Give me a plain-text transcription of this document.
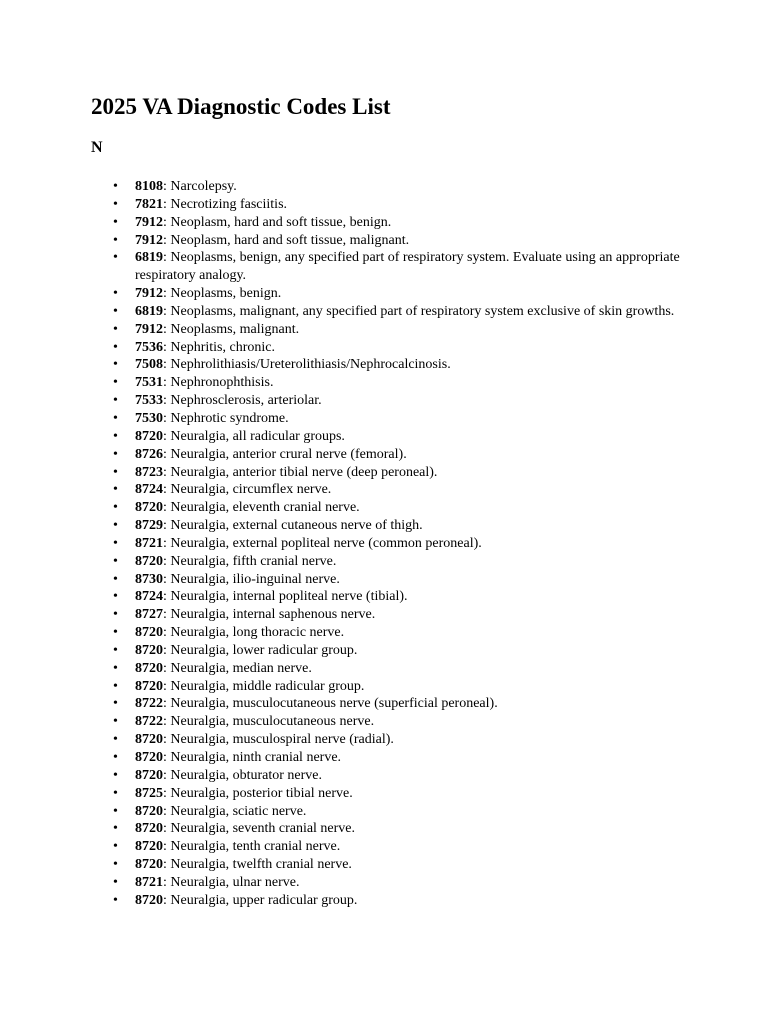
2025 VA Diagnostic Codes List
N
• 8108: Narcolepsy.
• 7821: Necrotizing fasciitis.
• 7912: Neoplasm, hard and soft tissue, benign.
• 7912: Neoplasm, hard and soft tissue, malignant.
• 6819: Neoplasms, benign, any specified part of respiratory system. Evaluate using an appropriate respiratory analogy.
• 7912: Neoplasms, benign.
• 6819: Neoplasms, malignant, any specified part of respiratory system exclusive of skin growths.
• 7912: Neoplasms, malignant.
• 7536: Nephritis, chronic.
• 7508: Nephrolithiasis/Ureterolithiasis/Nephrocalcinosis.
• 7531: Nephronophthisis.
• 7533: Nephrosclerosis, arteriolar.
• 7530: Nephrotic syndrome.
• 8720: Neuralgia, all radicular groups.
• 8726: Neuralgia, anterior crural nerve (femoral).
• 8723: Neuralgia, anterior tibial nerve (deep peroneal).
• 8724: Neuralgia, circumflex nerve.
• 8720: Neuralgia, eleventh cranial nerve.
• 8729: Neuralgia, external cutaneous nerve of thigh.
• 8721: Neuralgia, external popliteal nerve (common peroneal).
• 8720: Neuralgia, fifth cranial nerve.
• 8730: Neuralgia, ilio-inguinal nerve.
• 8724: Neuralgia, internal popliteal nerve (tibial).
• 8727: Neuralgia, internal saphenous nerve.
• 8720: Neuralgia, long thoracic nerve.
• 8720: Neuralgia, lower radicular group.
• 8720: Neuralgia, median nerve.
• 8720: Neuralgia, middle radicular group.
• 8722: Neuralgia, musculocutaneous nerve (superficial peroneal).
• 8722: Neuralgia, musculocutaneous nerve.
• 8720: Neuralgia, musculospiral nerve (radial).
• 8720: Neuralgia, ninth cranial nerve.
• 8720: Neuralgia, obturator nerve.
• 8725: Neuralgia, posterior tibial nerve.
• 8720: Neuralgia, sciatic nerve.
• 8720: Neuralgia, seventh cranial nerve.
• 8720: Neuralgia, tenth cranial nerve.
• 8720: Neuralgia, twelfth cranial nerve.
• 8721: Neuralgia, ulnar nerve.
• 8720: Neuralgia, upper radicular group.
